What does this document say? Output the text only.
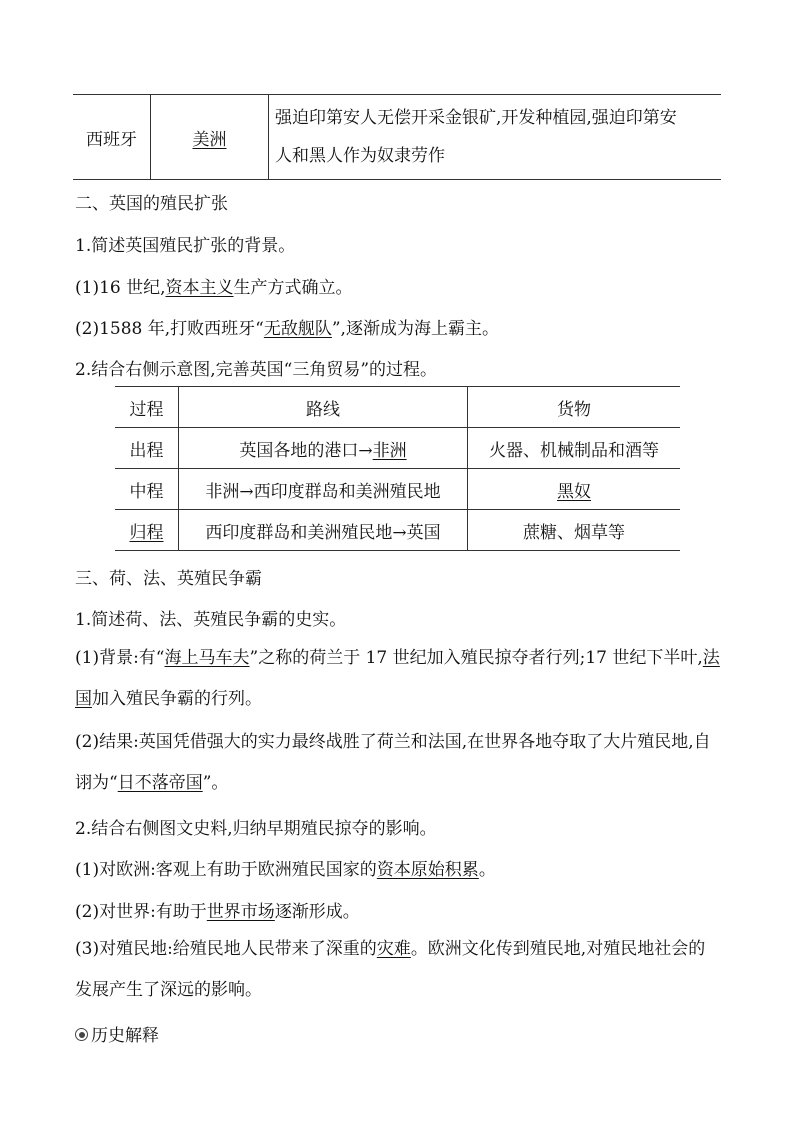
西班牙	美洲	强迫印第安人无偿开采金银矿,开发种植园,强迫印第安
人和黑人作为奴隶劳作
二、英国的殖民扩张
1.简述英国殖民扩张的背景。
(1)16 世纪,资本主义生产方式确立。
(2)1588 年,打败西班牙“无敌舰队”,逐渐成为海上霸主。
2.结合右侧示意图,完善英国“三角贸易”的过程。
过程	路线	货物
出程	英国各地的港口→非洲	火器、机械制品和酒等
中程	非洲→西印度群岛和美洲殖民地	黑奴
归程	西印度群岛和美洲殖民地→英国	蔗糖、烟草等
三、荷、法、英殖民争霸
1.简述荷、法、英殖民争霸的史实。
(1)背景:有“海上马车夫”之称的荷兰于 17 世纪加入殖民掠夺者行列;17 世纪下半叶,法国加入殖民争霸的行列。
(2)结果:英国凭借强大的实力最终战胜了荷兰和法国,在世界各地夺取了大片殖民地,自诩为“日不落帝国”。
2.结合右侧图文史料,归纳早期殖民掠夺的影响。
(1)对欧洲:客观上有助于欧洲殖民国家的资本原始积累。
(2)对世界:有助于世界市场逐渐形成。
(3)对殖民地:给殖民地人民带来了深重的灾难。欧洲文化传到殖民地,对殖民地社会的发展产生了深远的影响。
历史解释
